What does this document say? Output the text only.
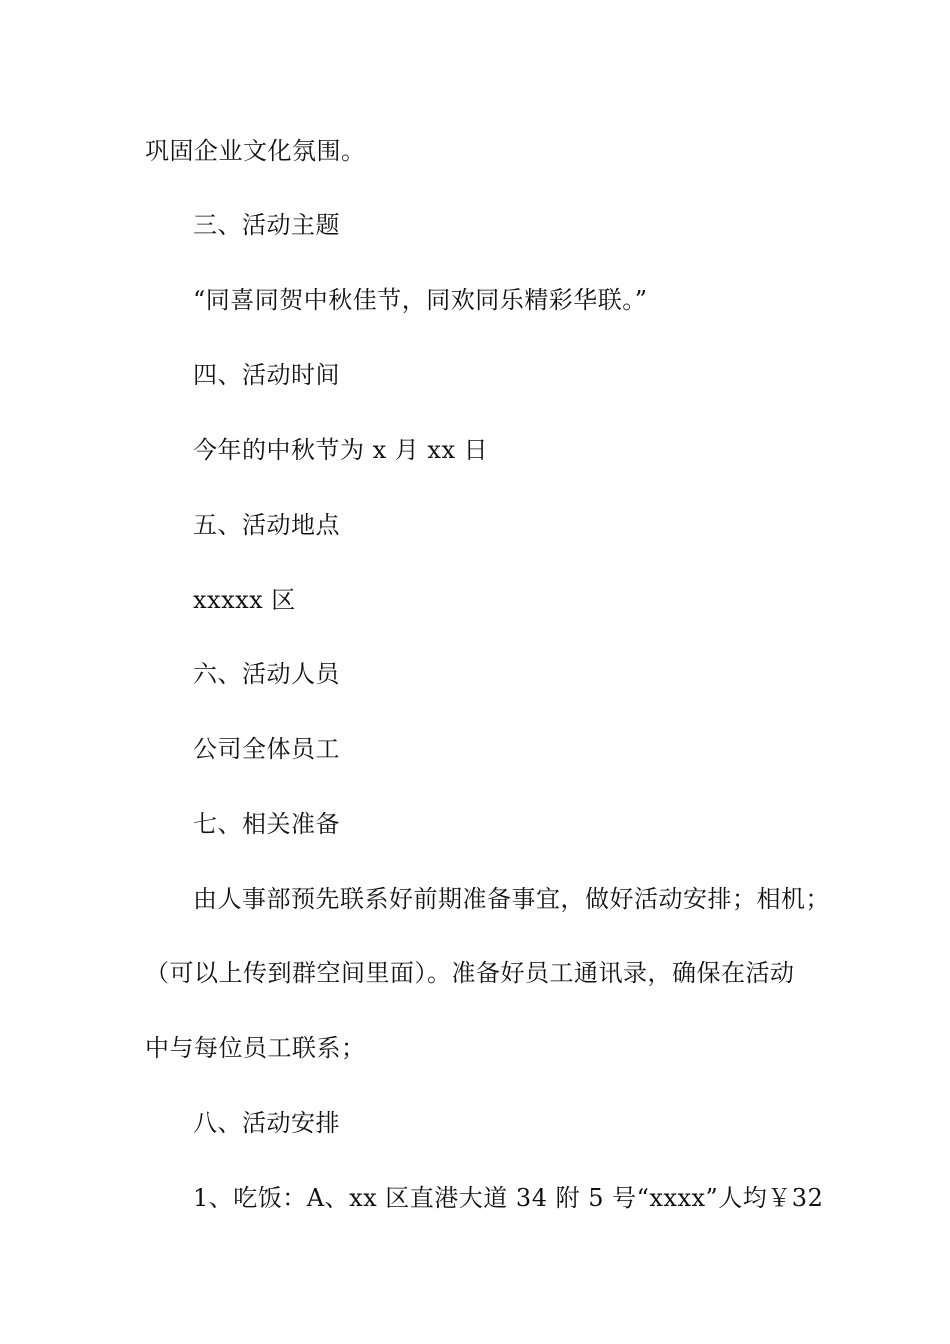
巩固企业文化氛围。
三、活动主题
“同喜同贺中秋佳节，同欢同乐精彩华联。”
四、活动时间
今年的中秋节为 x 月 xx 日
五、活动地点
xxxxx 区
六、活动人员
公司全体员工
七、相关准备
由人事部预先联系好前期准备事宜，做好活动安排；相机；
（可以上传到群空间里面）。准备好员工通讯录，确保在活动
中与每位员工联系；
八、活动安排
1、吃饭：A、xx 区直港大道 34 附 5 号“xxxx”人均￥32
